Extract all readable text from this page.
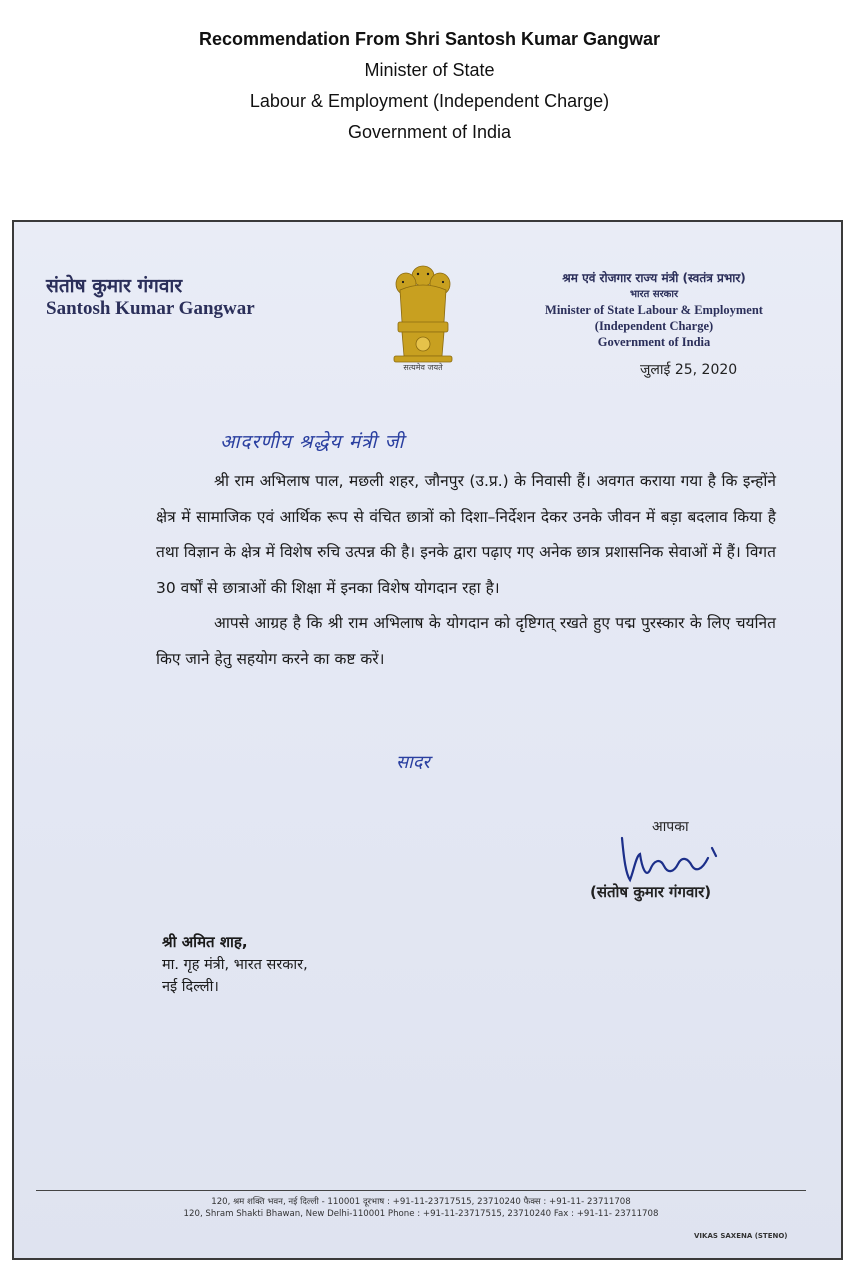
Recommendation From Shri Santosh Kumar Gangwar
Minister of State
Labour & Employment (Independent Charge)
Government of India
संतोष कुमार गंगवार
Santosh Kumar Gangwar
सत्यमेव जयते
श्रम एवं रोजगार राज्य मंत्री (स्वतंत्र प्रभार)
भारत सरकार
Minister of State Labour & Employment
(Independent Charge)
Government of India
जुलाई 25, 2020
आदरणीय श्रद्धेय मंत्री जी

श्री राम अभिलाष पाल, मछली शहर, जौनपुर (उ.प्र.) के निवासी हैं। अवगत कराया गया है कि इन्होंने क्षेत्र में सामाजिक एवं आर्थिक रूप से वंचित छात्रों को दिशा–निर्देशन देकर उनके जीवन में बड़ा बदलाव किया है तथा विज्ञान के क्षेत्र में विशेष रुचि उत्पन्न की है। इनके द्वारा पढ़ाए गए अनेक छात्र प्रशासनिक सेवाओं में हैं। विगत 30 वर्षों से छात्राओं की शिक्षा में इनका विशेष योगदान रहा है।

आपसे आग्रह है कि श्री राम अभिलाष के योगदान को दृष्टिगत् रखते हुए पद्म पुरस्कार के लिए चयनित किए जाने हेतु सहयोग करने का कष्ट करें।

सादर
आपका
(संतोष कुमार गंगवार)
श्री अमित शाह,
मा. गृह मंत्री, भारत सरकार,
नई दिल्ली।
120, श्रम शक्ति भवन, नई दिल्ली - 110001 दूरभाष : +91-11-23717515, 23710240 फैक्स : +91-11- 23711708
120, Shram Shakti Bhawan, New Delhi-110001 Phone : +91-11-23717515, 23710240 Fax : +91-11- 23711708
VIKAS SAXENA (STENO)
